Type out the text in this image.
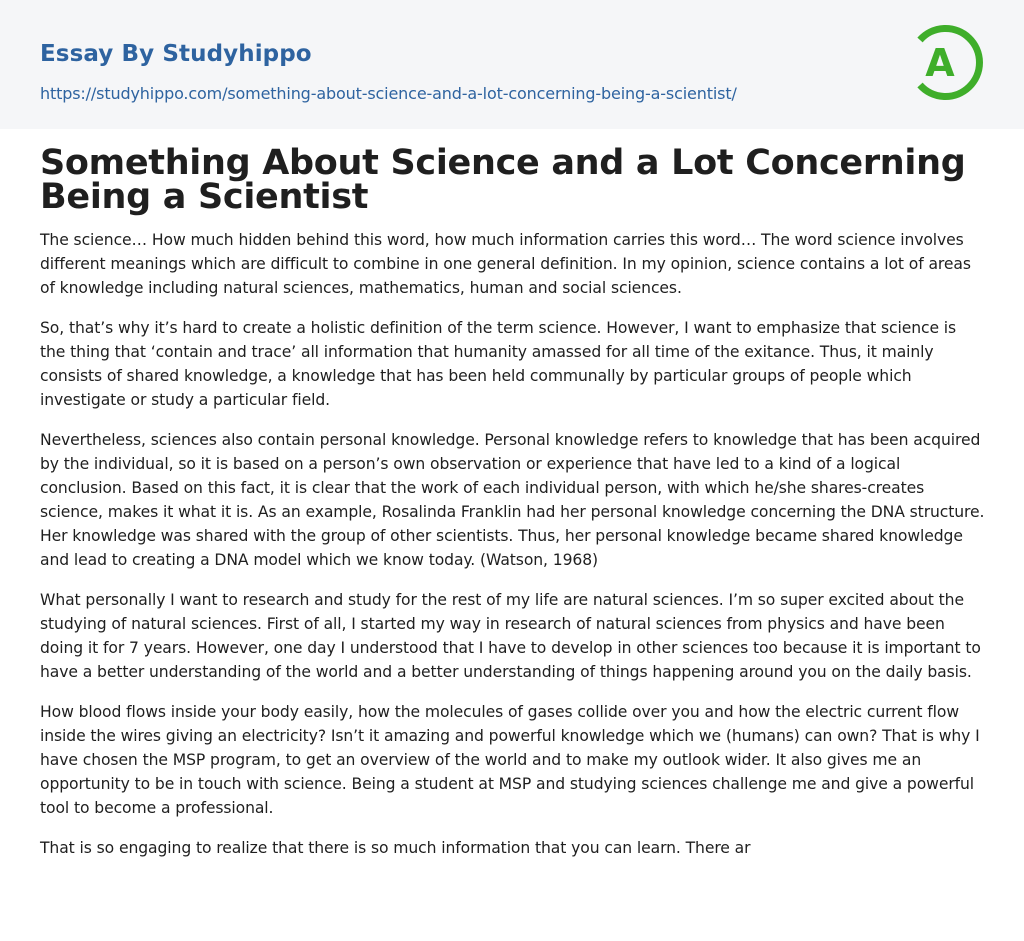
Essay By Studyhippo
https://studyhippo.com/something-about-science-and-a-lot-concerning-being-a-scientist/
A
Something About Science and a Lot Concerning Being a Scientist

The science… How much hidden behind this word, how much information carries this word… The word science involves different meanings which are difficult to combine in one general definition. In my opinion, science contains a lot of areas of knowledge including natural sciences, mathematics, human and social sciences.

So, that’s why it’s hard to create a holistic definition of the term science. However, I want to emphasize that science is the thing that ‘contain and trace’ all information that humanity amassed for all time of the exitance. Thus, it mainly consists of shared knowledge, a knowledge that has been held communally by particular groups of people which investigate or study a particular field.

Nevertheless, sciences also contain personal knowledge. Personal knowledge refers to knowledge that has been acquired by the individual, so it is based on a person’s own observation or experience that have led to a kind of a logical conclusion. Based on this fact, it is clear that the work of each individual person, with which he/she shares-creates science, makes it what it is. As an example, Rosalinda Franklin had her personal knowledge concerning the DNA structure. Her knowledge was shared with the group of other scientists. Thus, her personal knowledge became shared knowledge and lead to creating a DNA model which we know today. (Watson, 1968)

What personally I want to research and study for the rest of my life are natural sciences. I’m so super excited about the studying of natural sciences. First of all, I started my way in research of natural sciences from physics and have been doing it for 7 years. However, one day I understood that I have to develop in other sciences too because it is important to have a better understanding of the world and a better understanding of things happening around you on the daily basis.

How blood flows inside your body easily, how the molecules of gases collide over you and how the electric current flow inside the wires giving an electricity? Isn’t it amazing and powerful knowledge which we (humans) can own? That is why I have chosen the MSP program, to get an overview of the world and to make my outlook wider. It also gives me an opportunity to be in touch with science. Being a student at MSP and studying sciences challenge me and give a powerful tool to become a professional.

That is so engaging to realize that there is so much information that you can learn. There ar
